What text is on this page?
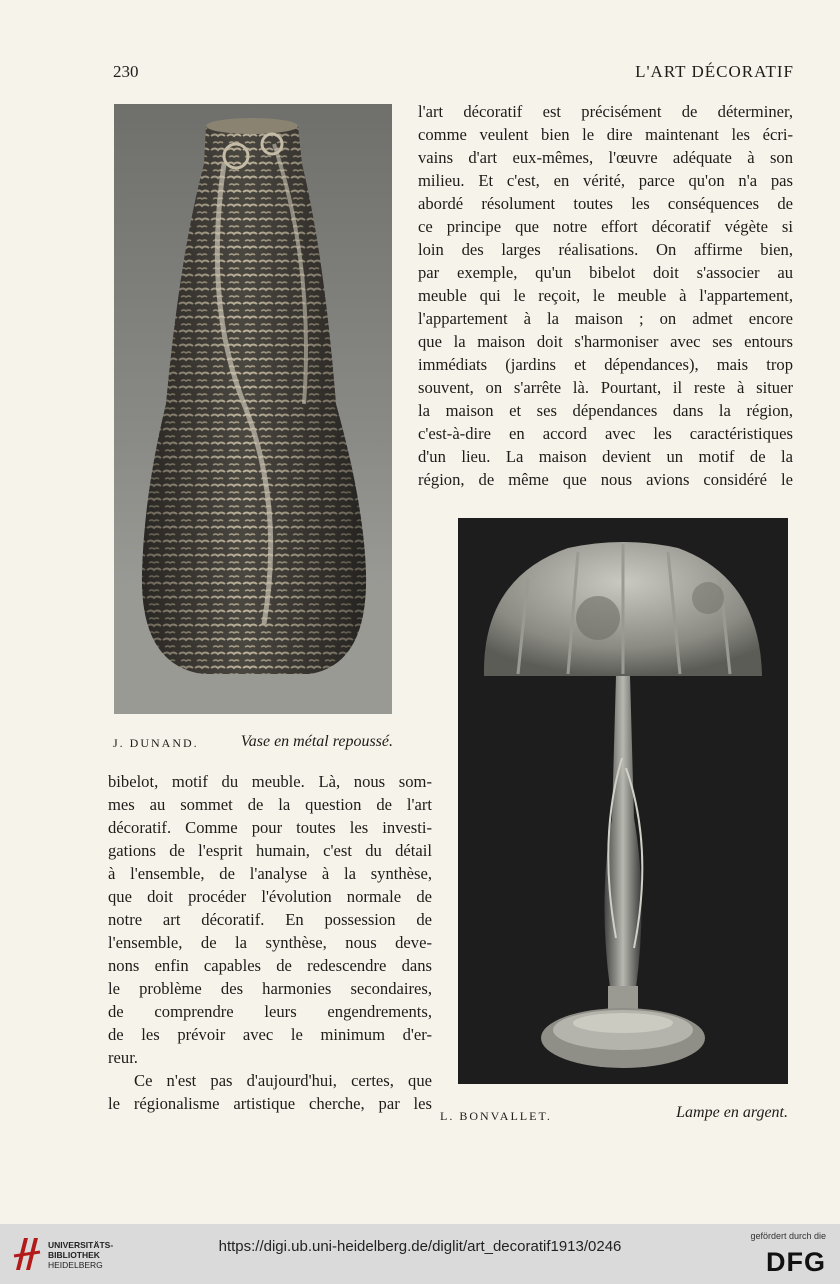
230	L'ART DÉCORATIF
J. DUNAND.	Vase en métal repoussé.
L. BONVALLET.	Lampe en argent.
l'art décoratif est précisément de déterminer,
comme veulent bien le dire maintenant les écri-
vains d'art eux-mêmes, l'œuvre adéquate à son
milieu. Et c'est, en vérité, parce qu'on n'a pas
abordé résolument toutes les conséquences de
ce principe que notre effort décoratif végète si
loin des larges réalisations. On affirme bien,
par exemple, qu'un bibelot doit s'associer au
meuble qui le reçoit, le meuble à l'appartement,
l'appartement à la maison ; on admet encore
que la maison doit s'harmoniser avec ses entours
immédiats (jardins et dépendances), mais trop
souvent, on s'arrête là. Pourtant, il reste à situer
la maison et ses dépendances dans la région,
c'est-à-dire en accord avec les caractéristiques
d'un lieu. La maison devient un motif de la
région, de même que nous avions considéré le
bibelot, motif du meuble. Là, nous som-
mes au sommet de la question de l'art
décoratif. Comme pour toutes les investi-
gations de l'esprit humain, c'est du détail
à l'ensemble, de l'analyse à la synthèse,
que doit procéder l'évolution normale de
notre art décoratif. En possession de
l'ensemble, de la synthèse, nous deve-
nons enfin capables de redescendre dans
le problème des harmonies secondaires,
de comprendre leurs engendrements,
de les prévoir avec le minimum d'er-
reur.
Ce n'est pas d'aujourd'hui, certes, que
le régionalisme artistique cherche, par les
UNIVERSITÄTS-
BIBLIOTHEK
HEIDELBERG
https://digi.ub.uni-heidelberg.de/diglit/art_decoratif1913/0246
gefördert durch die
DFG
